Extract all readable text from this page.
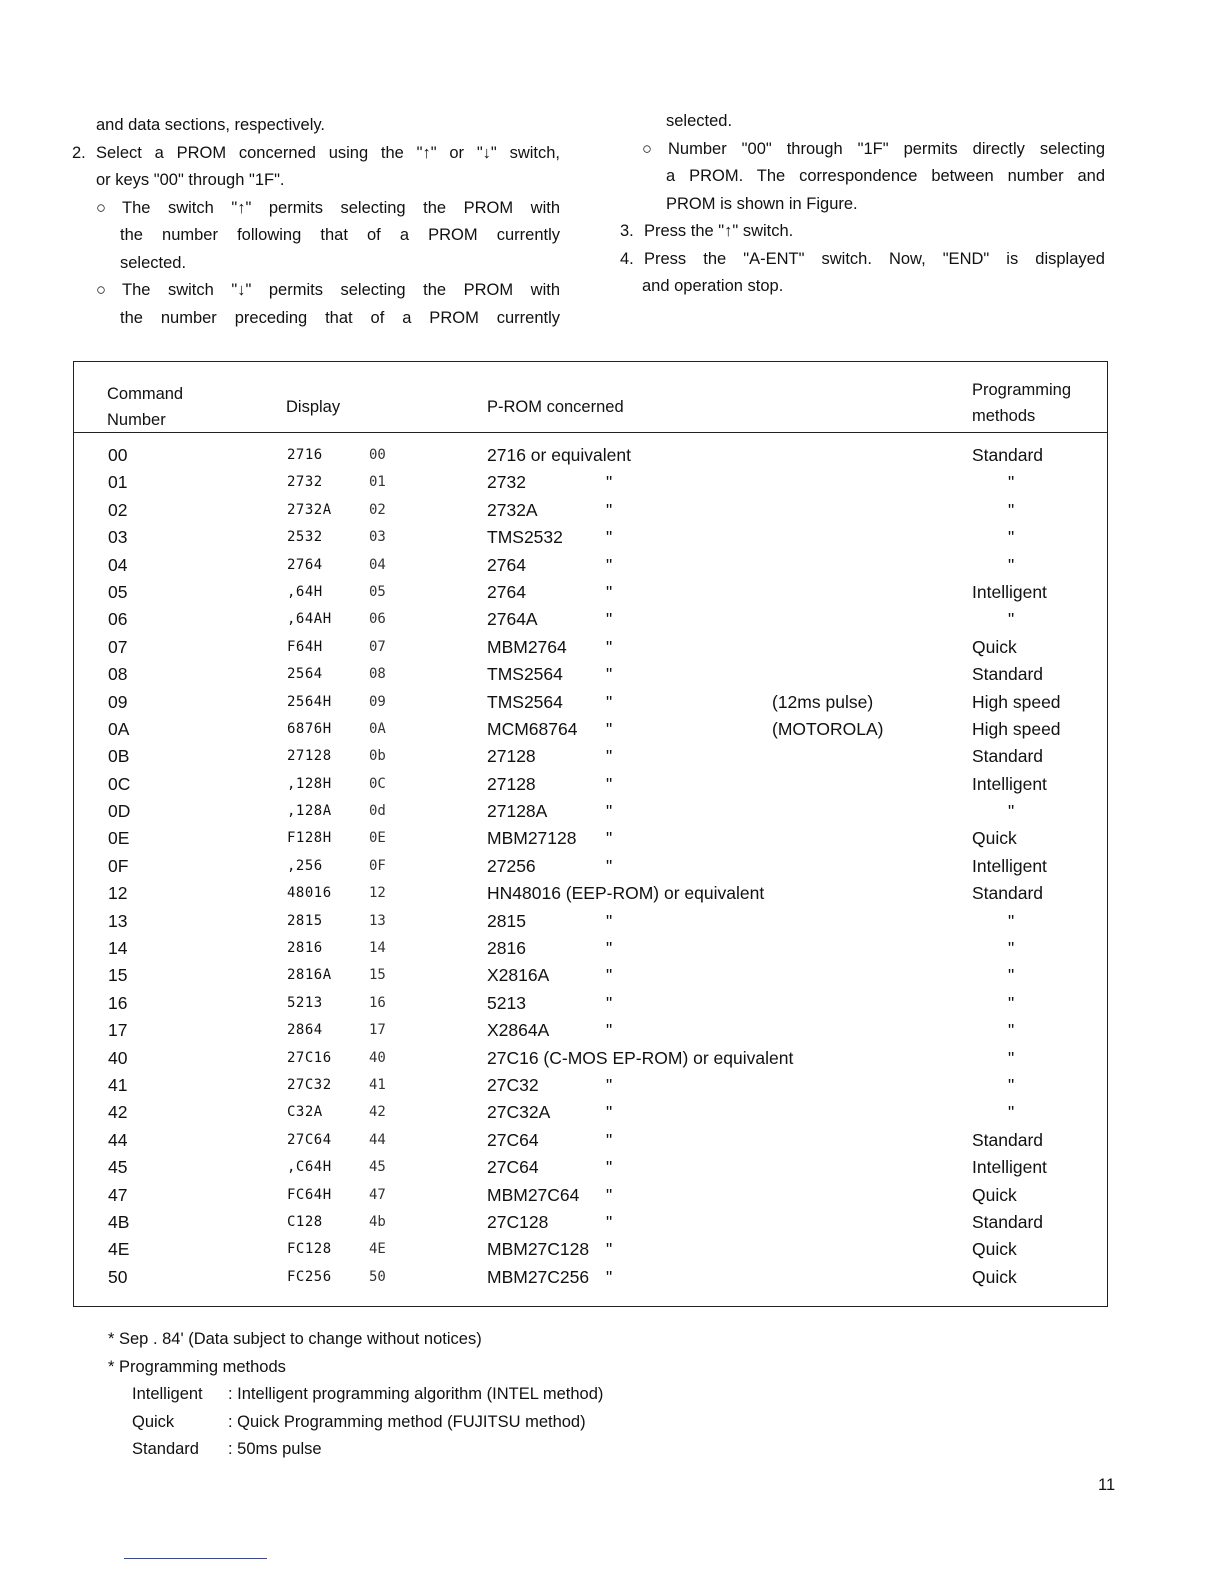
and data sections, respectively.

2. Select a PROM concerned using the "↑" or "↓" switch,

or keys "00" through "1F".

○ The switch "↑" permits selecting the PROM with

the number following that of a PROM currently

selected.

○ The switch "↓" permits selecting the PROM with

the number preceding that of a PROM currently

selected.

○ Number "00" through "1F" permits directly selecting

a PROM. The correspondence between number and

PROM is shown in Figure.

3. Press the "↑" switch.

4. Press the "A-ENT" switch. Now, "END" is displayed

and operation stop.

Command
Number
Display	P-ROM concerned
Programming
methods
00	2716	00	2716 or equivalent	Standard
01	2732	01	2732	"	"
02	2732A	02	2732A	"	"
03	2532	03	TMS2532 "	"
04	2764	04	2764	"	"
05	,64H	05	2764	"	Intelligent
06	,64AH	06	2764A	"	"
07	F64H	07	MBM2764 "	Quick
08	2564	08	TMS2564 "	Standard
09	2564H	09	TMS2564 "	(12ms pulse)	High speed
0A	6876H	0A	MCM68764 "	(MOTOROLA)	High speed
0B	27128	0b	27128	"	Standard
0C	,128H	0C	27128	"	Intelligent
0D	,128A	0d	27128A	"	"
0E	F128H	0E	MBM27128 "	Quick
0F	,256	0F	27256	"	Intelligent
12	48016	12	HN48016 (EEP-ROM) or equivalent	Standard
13	2815	13	2815	"	"
14	2816	14	2816	"	"
15	2816A	15	X2816A	"	"
16	5213	16	5213	"	"
17	2864	17	X2864A	"	"
40	27C16	40	27C16 (C-MOS EP-ROM) or equivalent	"
41	27C32	41	27C32	"	"
42	C32A	42	27C32A	"	"
44	27C64	44	27C64	"	Standard
45	,C64H	45	27C64	"	Intelligent
47	FC64H	47	MBM27C64 "	Quick
4B	C128	4b	27C128	"	Standard
4E	FC128	4E	MBM27C128 "	Quick
50	FC256	50	MBM27C256 "	Quick

* Sep . 84' (Data subject to change without notices)

* Programming methods

Intelligent	: Intelligent programming algorithm (INTEL method)
Quick	: Quick Programming method (FUJITSU method)
Standard	: 50ms pulse
11
